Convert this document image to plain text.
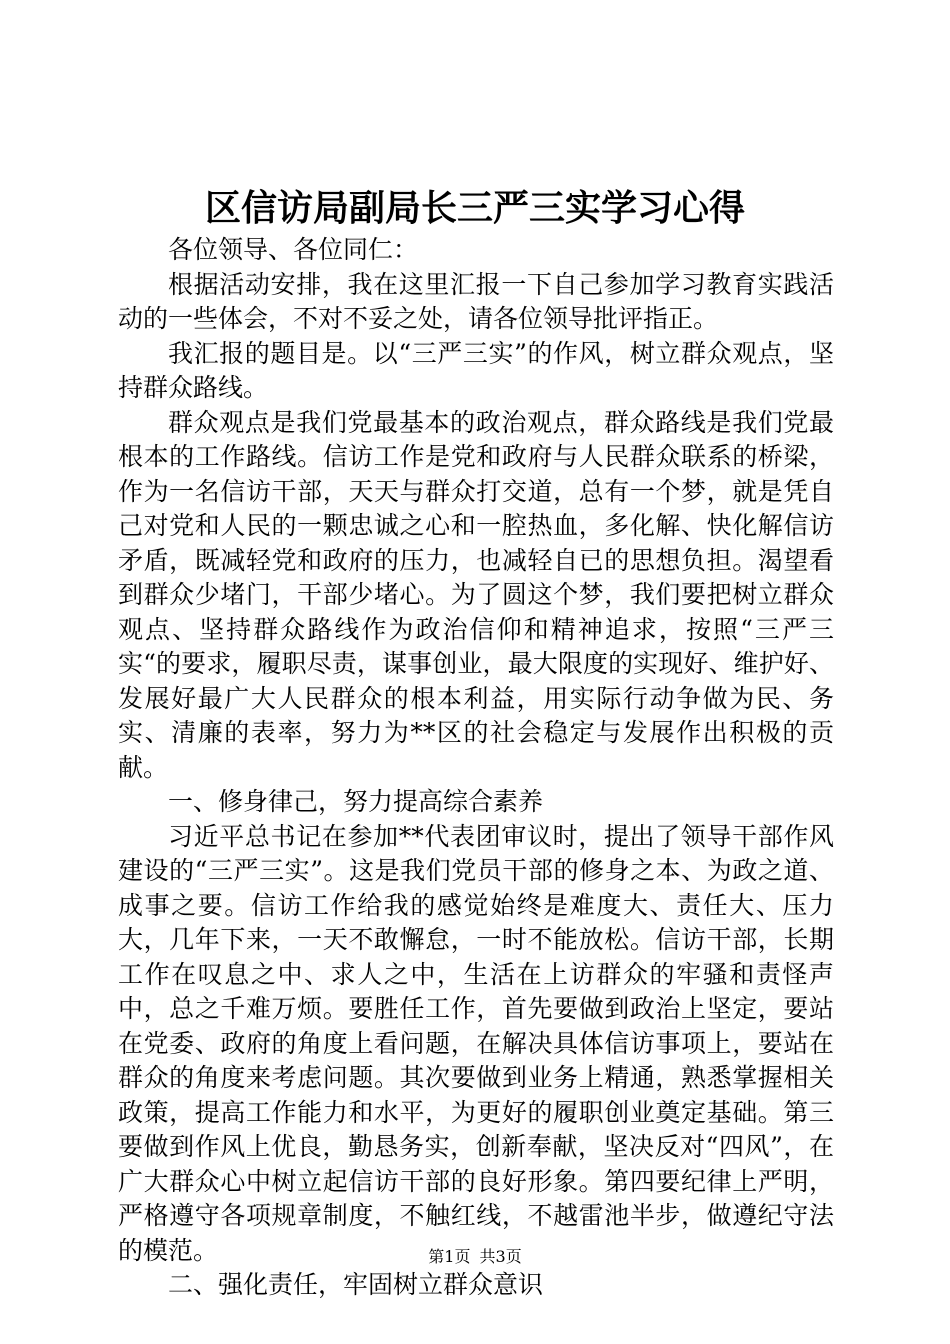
区信访局副局长三严三实学习心得

各位领导、各位同仁：

根据活动安排，我在这里汇报一下自己参加学习教育实践活动的一些体会，不对不妥之处，请各位领导批评指正。

我汇报的题目是。以“三严三实”的作风，树立群众观点，坚持群众路线。

群众观点是我们党最基本的政治观点，群众路线是我们党最根本的工作路线。信访工作是党和政府与人民群众联系的桥梁，作为一名信访干部，天天与群众打交道，总有一个梦，就是凭自己对党和人民的一颗忠诚之心和一腔热血，多化解、快化解信访矛盾，既减轻党和政府的压力，也减轻自已的思想负担。渴望看到群众少堵门，干部少堵心。为了圆这个梦，我们要把树立群众观点、坚持群众路线作为政治信仰和精神追求，按照“三严三实“的要求，履职尽责，谋事创业，最大限度的实现好、维护好、发展好最广大人民群众的根本利益，用实际行动争做为民、务实、清廉的表率，努力为**区的社会稳定与发展作出积极的贡献。

一、修身律己，努力提高综合素养

习近平总书记在参加**代表团审议时，提出了领导干部作风建设的“三严三实”。这是我们党员干部的修身之本、为政之道、成事之要。信访工作给我的感觉始终是难度大、责任大、压力大，几年下来，一天不敢懈怠，一时不能放松。信访干部，长期工作在叹息之中、求人之中，生活在上访群众的牢骚和责怪声中，总之千难万烦。要胜任工作，首先要做到政治上坚定，要站在党委、政府的角度上看问题，在解决具体信访事项上，要站在群众的角度来考虑问题。其次要做到业务上精通，熟悉掌握相关政策，提高工作能力和水平，为更好的履职创业奠定基础。第三要做到作风上优良，勤恳务实，创新奉献，坚决反对“四风”，在广大群众心中树立起信访干部的良好形象。第四要纪律上严明，严格遵守各项规章制度，不触红线，不越雷池半步，做遵纪守法的模范。

二、强化责任，牢固树立群众意识

第1页 共3页
